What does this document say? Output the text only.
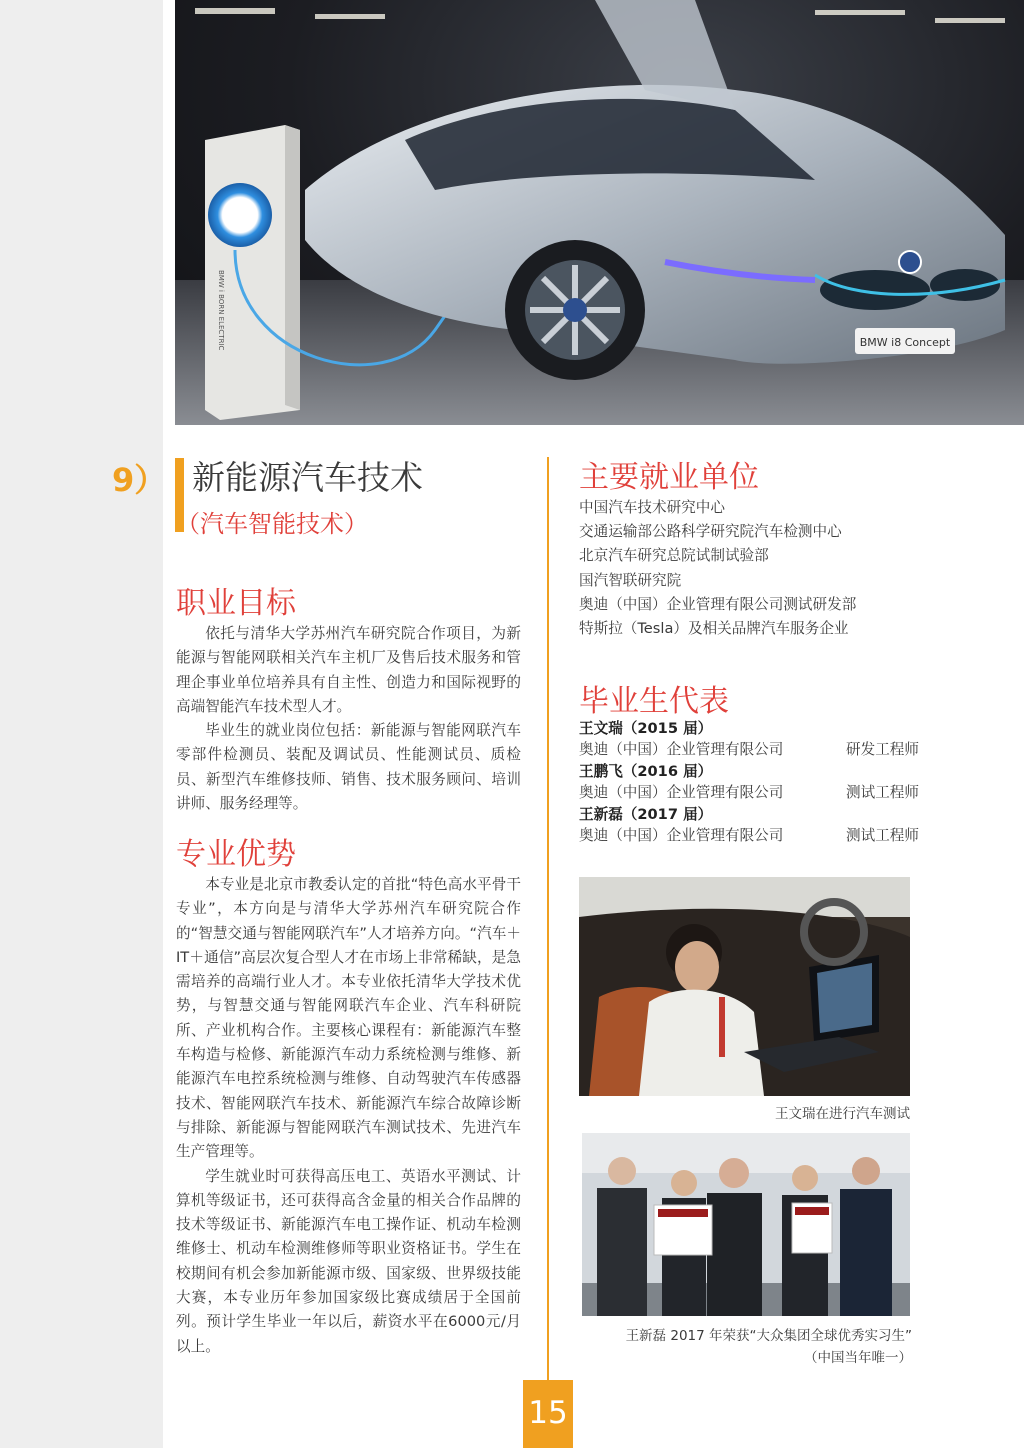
BMW i BORN ELECTRIC	BMW i8 Concept
9） 新能源汽车技术
（汽车智能技术）
职业目标

依托与清华大学苏州汽车研究院合作项目，为新能源与智能网联相关汽车主机厂及售后技术服务和管理企事业单位培养具有自主性、创造力和国际视野的高端智能汽车技术型人才。

毕业生的就业岗位包括：新能源与智能网联汽车零部件检测员、装配及调试员、性能测试员、质检员、新型汽车维修技师、销售、技术服务顾问、培训讲师、服务经理等。

专业优势

本专业是北京市教委认定的首批“特色高水平骨干专业”，本方向是与清华大学苏州汽车研究院合作的“智慧交通与智能网联汽车”人才培养方向。“汽车＋IT＋通信”高层次复合型人才在市场上非常稀缺，是急需培养的高端行业人才。本专业依托清华大学技术优势，与智慧交通与智能网联汽车企业、汽车科研院所、产业机构合作。主要核心课程有：新能源汽车整车构造与检修、新能源汽车动力系统检测与维修、新能源汽车电控系统检测与维修、自动驾驶汽车传感器技术、智能网联汽车技术、新能源汽车综合故障诊断与排除、新能源与智能网联汽车测试技术、先进汽车生产管理等。

学生就业时可获得高压电工、英语水平测试、计算机等级证书，还可获得高含金量的相关合作品牌的技术等级证书、新能源汽车电工操作证、机动车检测维修士、机动车检测维修师等职业资格证书。学生在校期间有机会参加新能源市级、国家级、世界级技能大赛，本专业历年参加国家级比赛成绩居于全国前列。预计学生毕业一年以后，薪资水平在6000元/月以上。

主要就业单位
中国汽车技术研究中心
交通运输部公路科学研究院汽车检测中心
北京汽车研究总院试制试验部
国汽智联研究院
奥迪（中国）企业管理有限公司测试研发部
特斯拉（Tesla）及相关品牌汽车服务企业
毕业生代表
王文瑞（2015 届）
奥迪（中国）企业管理有限公司	研发工程师
王鹏飞（2016 届）
奥迪（中国）企业管理有限公司	测试工程师
王新磊（2017 届）
奥迪（中国）企业管理有限公司	测试工程师
王文瑞在进行汽车测试
王新磊 2017 年荣获“大众集团全球优秀实习生”
（中国当年唯一）
15
